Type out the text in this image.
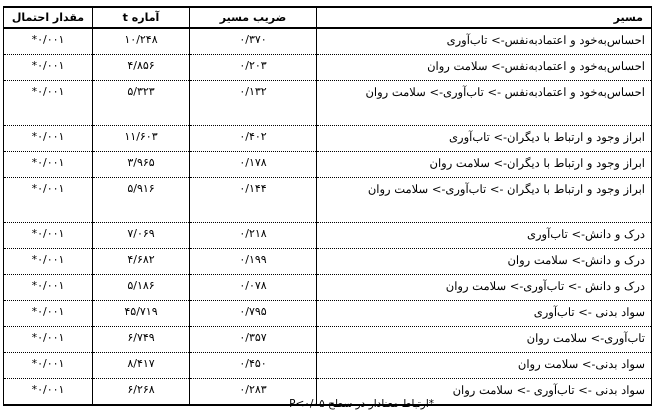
مسیر	ضریب مسیر	آماره t	مقدار احتمال
احساس‌به‌خود و اعتماد‌به‌نفس-> تاب‌آوری	۰/۳۷۰	۱۰/۲۴۸	۰/۰۰۱*
احساس‌به‌خود و اعتماد‌به‌نفس-> سلامت روان	۰/۲۰۳	۴/۸۵۶	۰/۰۰۱*
احساس‌به‌خود و اعتماد‌به‌نفس -> تاب‌آوری-> سلامت روان	۰/۱۳۲	۵/۳۲۳	۰/۰۰۱*
ابراز وجود و ارتباط با دیگران-> تاب‌آوری	۰/۴۰۲	۱۱/۶۰۳	۰/۰۰۱*
ابراز وجود و ارتباط با دیگران-> سلامت روان	۰/۱۷۸	۳/۹۶۵	۰/۰۰۱*
ابراز وجود و ارتباط با دیگران -> تاب‌آوری-> سلامت روان	۰/۱۴۴	۵/۹۱۶	۰/۰۰۱*
درک و دانش-> تاب‌آوری	۰/۲۱۸	۷/۰۶۹	۰/۰۰۱*
درک و دانش-> سلامت روان	۰/۱۹۹	۴/۶۸۲	۰/۰۰۱*
درک و دانش -> تاب‌آوری-> سلامت روان	۰/۰۷۸	۵/۱۸۶	۰/۰۰۱*
سواد بدنی -> تاب‌آوری	۰/۷۹۵	۴۵/۷۱۹	۰/۰۰۱*
تاب‌آوری-> سلامت روان	۰/۳۵۷	۶/۷۴۹	۰/۰۰۱*
سواد بدنی-> سلامت روان	۰/۴۵۰	۸/۴۱۷	۰/۰۰۱*
سواد بدنی -> تاب‌آوری -> سلامت روان	۰/۲۸۳	۶/۲۶۸	۰/۰۰۱*
*ارتباط معنادار در سطح P<۰/۰۵
